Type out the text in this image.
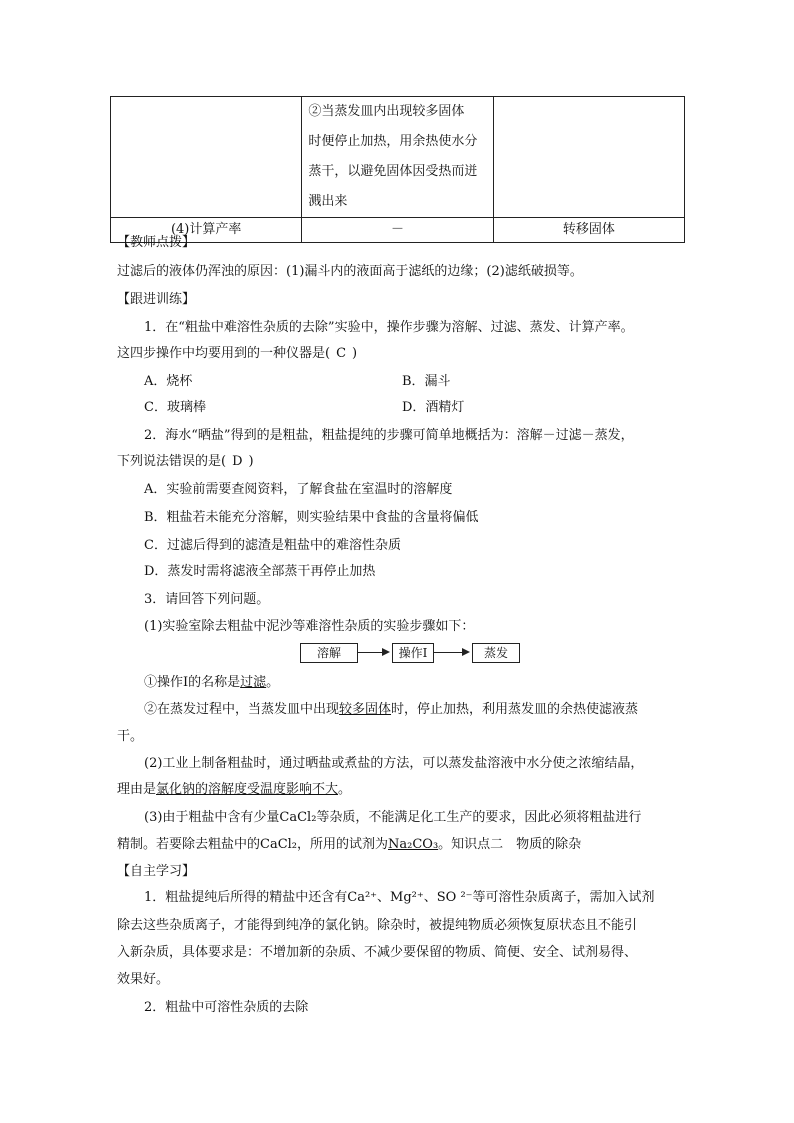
	②当蒸发皿内出现较多固体
时便停止加热，用余热使水分
蒸干，以避免固体因受热而迸
溅出来	

(4)计算产率	－	转移固体
【教师点拨】
过滤后的液体仍浑浊的原因：(1)漏斗内的液面高于滤纸的边缘；(2)滤纸破损等。
【跟进训练】
1．在“粗盐中难溶性杂质的去除”实验中，操作步骤为溶解、过滤、蒸发、计算产率。
这四步操作中均要用到的一种仪器是( C )
A．烧杯	B．漏斗
C．玻璃棒	D．酒精灯
2．海水“晒盐”得到的是粗盐，粗盐提纯的步骤可简单地概括为：溶解－过滤－蒸发，
下列说法错误的是( D )
A．实验前需要查阅资料，了解食盐在室温时的溶解度
B．粗盐若未能充分溶解，则实验结果中食盐的含量将偏低
C．过滤后得到的滤渣是粗盐中的难溶性杂质
D．蒸发时需将滤液全部蒸干再停止加热
3．请回答下列问题。
(1)实验室除去粗盐中泥沙等难溶性杂质的实验步骤如下：
溶解	操作Ⅰ	蒸发
①操作Ⅰ的名称是过滤。
②在蒸发过程中，当蒸发皿中出现较多固体时，停止加热，利用蒸发皿的余热使滤液蒸
干。
(2)工业上制备粗盐时，通过晒盐或煮盐的方法，可以蒸发盐溶液中水分使之浓缩结晶，
理由是氯化钠的溶解度受温度影响不大。
(3)由于粗盐中含有少量CaCl₂等杂质，不能满足化工生产的要求，因此必须将粗盐进行
精制。若要除去粗盐中的CaCl₂，所用的试剂为Na₂CO₃。知识点二　物质的除杂
【自主学习】
1．粗盐提纯后所得的精盐中还含有Ca²⁺、Mg²⁺、SO ²⁻等可溶性杂质离子，需加入试剂
除去这些杂质离子，才能得到纯净的氯化钠。除杂时，被提纯物质必须恢复原状态且不能引
入新杂质，具体要求是：不增加新的杂质、不减少要保留的物质、简便、安全、试剂易得、
效果好。
2．粗盐中可溶性杂质的去除
